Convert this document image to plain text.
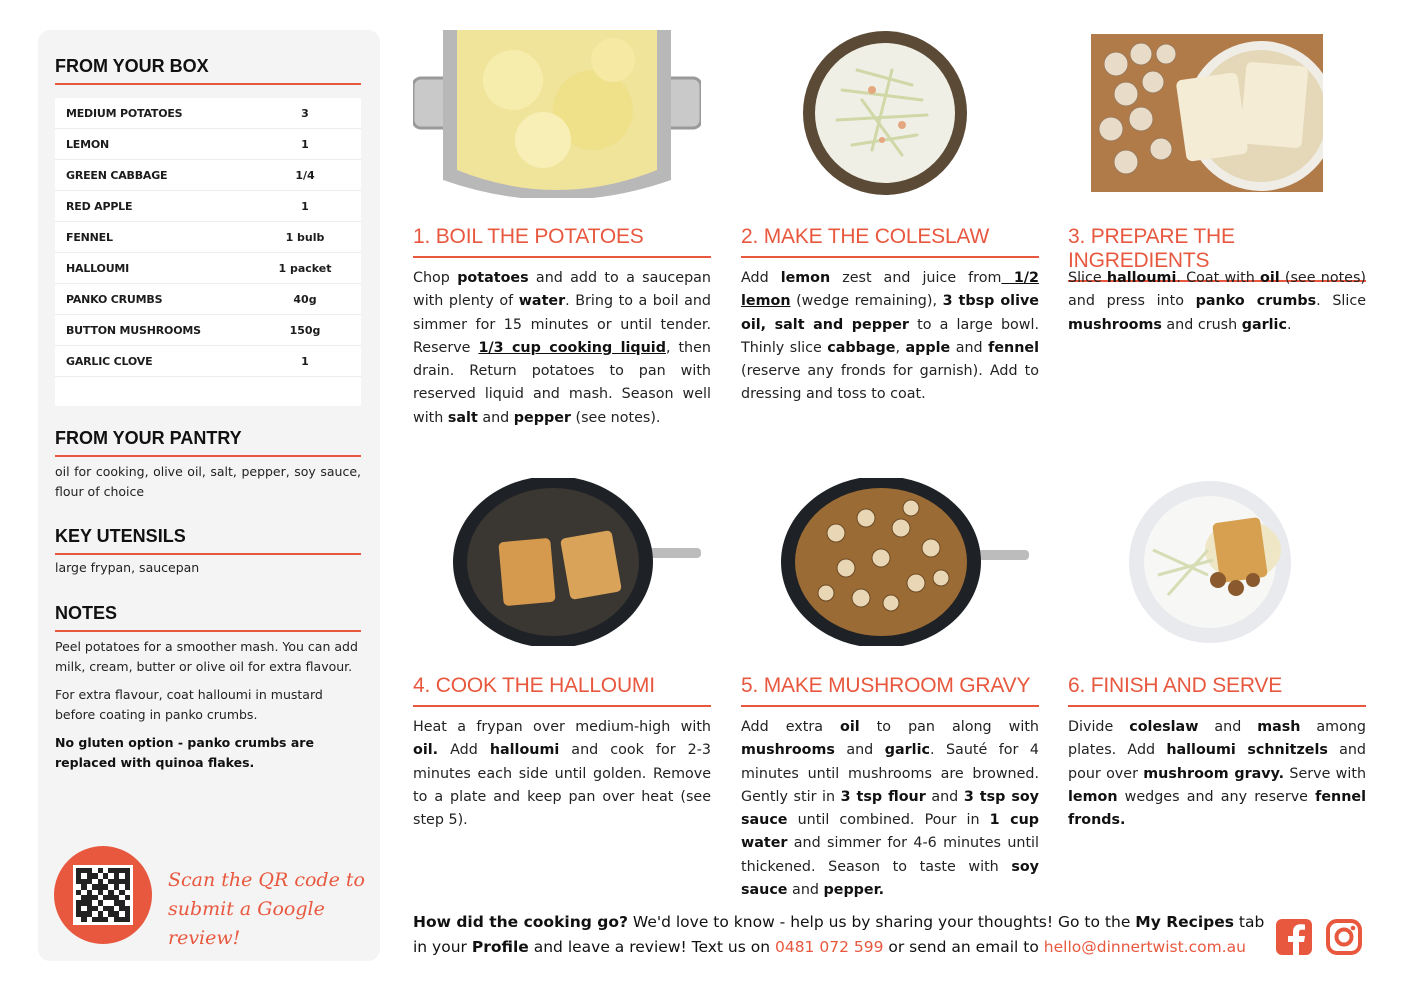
FROM YOUR BOX
MEDIUM POTATOES	3
LEMON	1
GREEN CABBAGE	1/4
RED APPLE	1
FENNEL	1 bulb
HALLOUMI	1 packet
PANKO CRUMBS	40g
BUTTON MUSHROOMS	150g
GARLIC CLOVE	1
FROM YOUR PANTRY
oil for cooking, olive oil, salt, pepper, soy sauce, flour of choice
KEY UTENSILS
large frypan, saucepan
NOTES

Peel potatoes for a smoother mash. You can add milk, cream, butter or olive oil for extra flavour.

For extra flavour, coat halloumi in mustard before coating in panko crumbs.

No gluten option - panko crumbs are replaced with quinoa flakes.

Scan the QR code to
submit a Google review!
1. BOIL THE POTATOES	2. MAKE THE COLESLAW	3. PREPARE THE INGREDIENTS
4. COOK THE HALLOUMI	5. MAKE MUSHROOM GRAVY	6. FINISH AND SERVE
Chop potatoes and add to a saucepan with plenty of water. Bring to a boil and simmer for 15 minutes or until tender. Reserve 1/3 cup cooking liquid, then drain. Return potatoes to pan with reserved liquid and mash. Season well with salt and pepper (see notes).
Add lemon zest and juice from 1/2 lemon (wedge remaining), 3 tbsp olive oil, salt and pepper to a large bowl. Thinly slice cabbage, apple and fennel (reserve any fronds for garnish). Add to dressing and toss to coat.
Slice halloumi. Coat with oil (see notes) and press into panko crumbs. Slice mushrooms and crush garlic.
Heat a frypan over medium-high with oil. Add halloumi and cook for 2-3 minutes each side until golden. Remove to a plate and keep pan over heat (see step 5).
Add extra oil to pan along with mushrooms and garlic. Sauté for 4 minutes until mushrooms are browned. Gently stir in 3 tsp flour and 3 tsp soy sauce until combined. Pour in 1 cup water and simmer for 4-6 minutes until thickened. Season to taste with soy sauce and pepper.
Divide coleslaw and mash among plates. Add halloumi schnitzels and pour over mushroom gravy. Serve with lemon wedges and any reserve fennel fronds.
How did the cooking go? We'd love to know - help us by sharing your thoughts! Go to the My Recipes tab in your Profile and leave a review! Text us on 0481 072 599 or send an email to hello@dinnertwist.com.au
